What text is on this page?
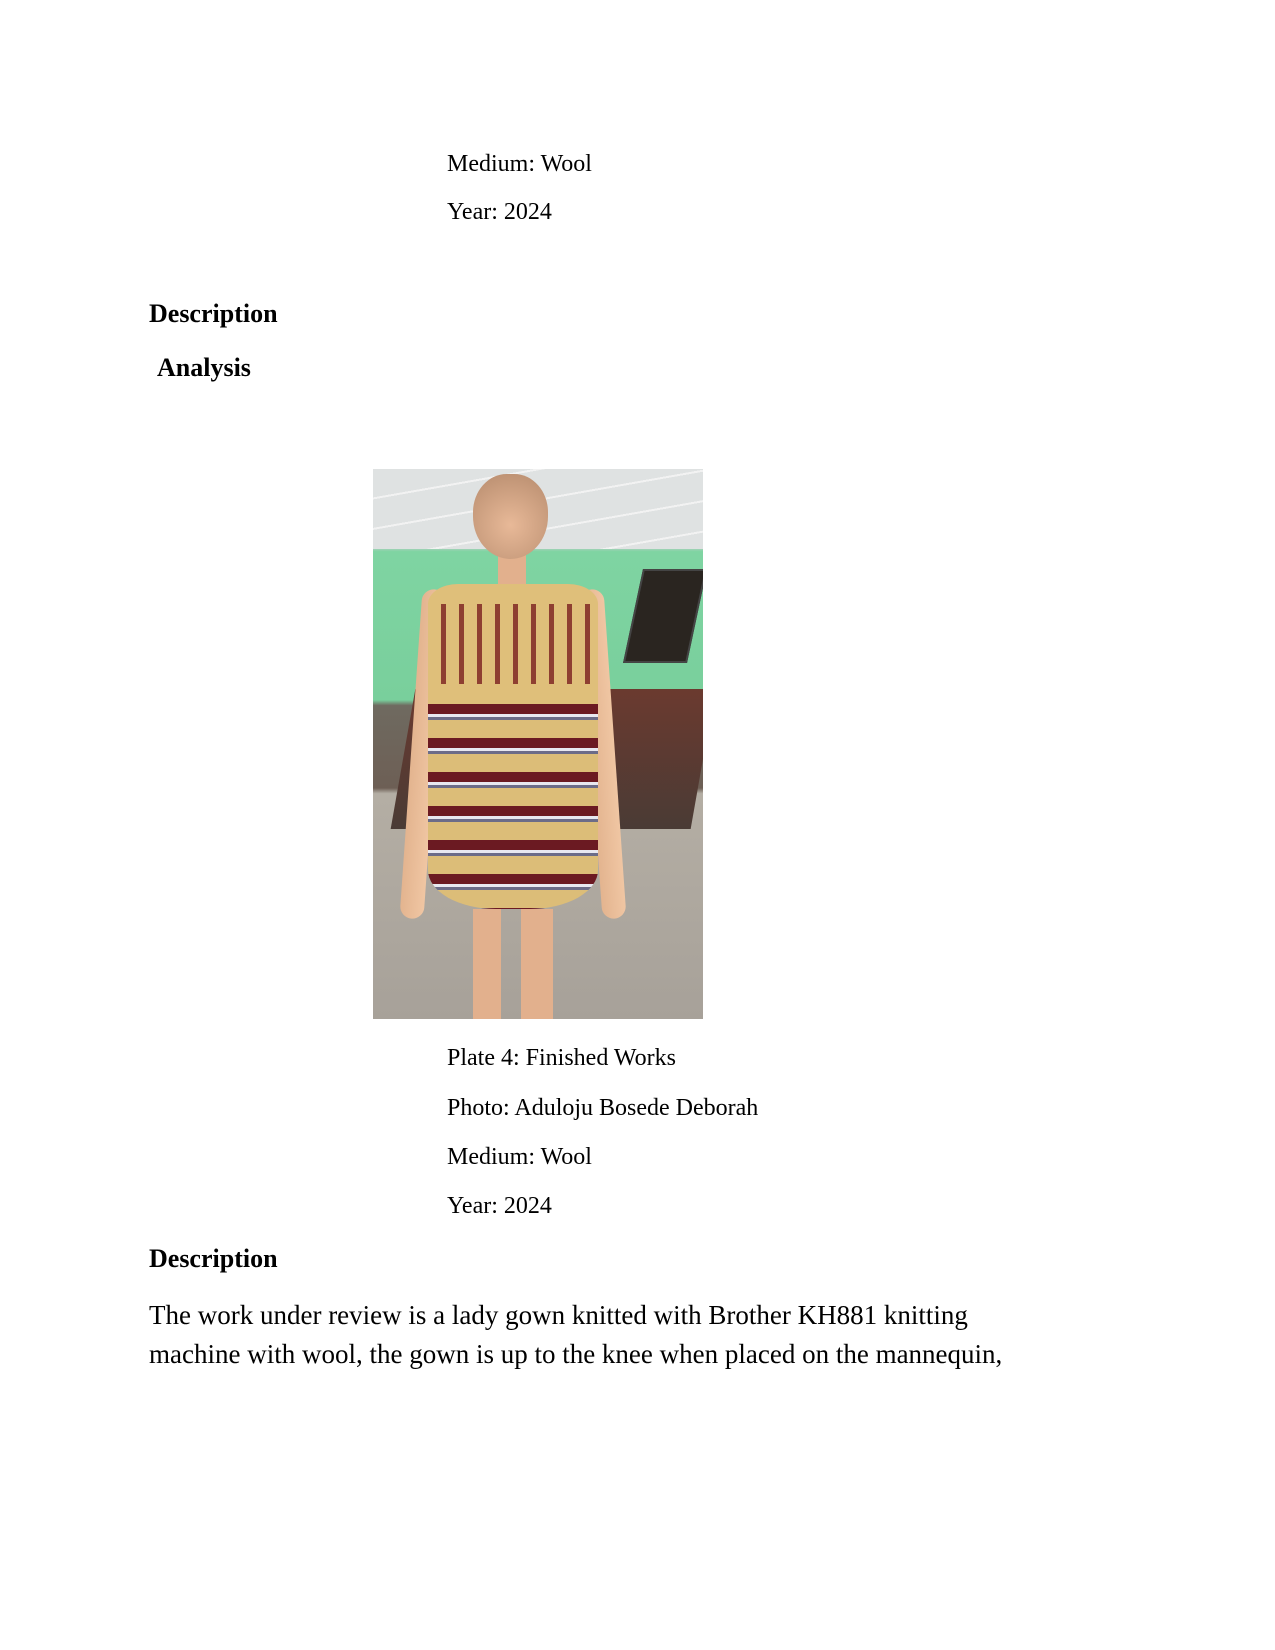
Medium: Wool
Year: 2024
Description
Analysis
Plate 4: Finished Works
Photo: Aduloju Bosede Deborah
Medium: Wool
Year: 2024
Description
The work under review is a lady gown knitted with Brother KH881 knitting
machine with wool, the gown is up to the knee when placed on the mannequin,
